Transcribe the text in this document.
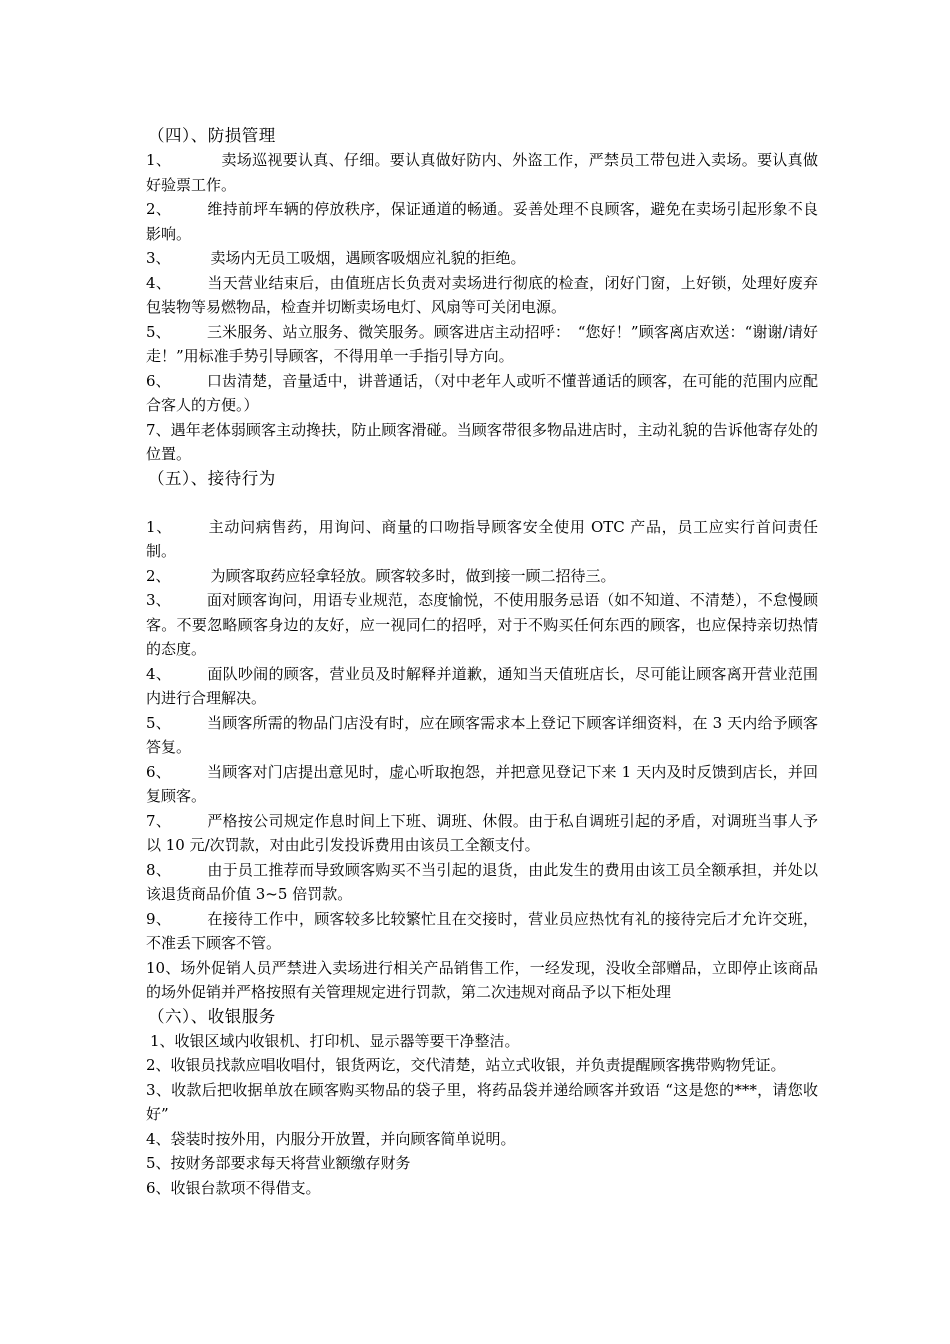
（四）、防损管理

1、	卖场巡视要认真、仔细。要认真做好防内、外盗工作，严禁员工带包进入卖场。要认真做好验票工作。

2、 维持前坪车辆的停放秩序，保证通道的畅通。妥善处理不良顾客，避免在卖场引起形象不良影响。

3、	卖场内无员工吸烟，遇顾客吸烟应礼貌的拒绝。

4、 当天营业结束后，由值班店长负责对卖场进行彻底的检查，闭好门窗，上好锁，处理好废弃包装物等易燃物品，检查并切断卖场电灯、风扇等可关闭电源。

5、 三米服务、站立服务、微笑服务。顾客进店主动招呼：　“您好！”顾客离店欢送：“谢谢/请好走！”用标准手势引导顾客，不得用单一手指引导方向。

6、 口齿清楚，音量适中，讲普通话，（对中老年人或听不懂普通话的顾客，在可能的范围内应配合客人的方便。）

7、遇年老体弱顾客主动搀扶，防止顾客滑碰。当顾客带很多物品进店时，主动礼貌的告诉他寄存处的位置。

（五）、接待行为

1、 主动问病售药，用询问、商量的口吻指导顾客安全使用 OTC 产品，员工应实行首问责任制。

2、	为顾客取药应轻拿轻放。顾客较多时，做到接一顾二招待三。

3、 面对顾客询问，用语专业规范，态度愉悦，不使用服务忌语（如不知道、不清楚），不怠慢顾客。不要忽略顾客身边的友好，应一视同仁的招呼，对于不购买任何东西的顾客，也应保持亲切热情的态度。

4、 面队吵闹的顾客，营业员及时解释并道歉，通知当天值班店长，尽可能让顾客离开营业范围内进行合理解决。

5、 当顾客所需的物品门店没有时，应在顾客需求本上登记下顾客详细资料，在 3 天内给予顾客答复。

6、 当顾客对门店提出意见时，虚心听取抱怨，并把意见登记下来 1 天内及时反馈到店长，并回复顾客。

7、 严格按公司规定作息时间上下班、调班、休假。由于私自调班引起的矛盾，对调班当事人予以 10 元/次罚款，对由此引发投诉费用由该员工全额支付。

8、 由于员工推荐而导致顾客购买不当引起的退货，由此发生的费用由该工员全额承担，并处以该退货商品价值 3~5 倍罚款。

9、 在接待工作中，顾客较多比较繁忙且在交接时，营业员应热忱有礼的接待完后才允许交班，不准丢下顾客不管。

10、场外促销人员严禁进入卖场进行相关产品销售工作，一经发现，没收全部赠品，立即停止该商品的场外促销并严格按照有关管理规定进行罚款，第二次违规对商品予以下柜处理

（六）、收银服务

1、收银区域内收银机、打印机、显示器等要干净整洁。

2、收银员找款应唱收唱付，银货两讫，交代清楚，站立式收银，并负责提醒顾客携带购物凭证。

3、收款后把收据单放在顾客购买物品的袋子里，将药品袋并递给顾客并致语 “这是您的***，请您收好”

4、袋装时按外用，内服分开放置，并向顾客简单说明。

5、按财务部要求每天将营业额缴存财务

6、收银台款项不得借支。
